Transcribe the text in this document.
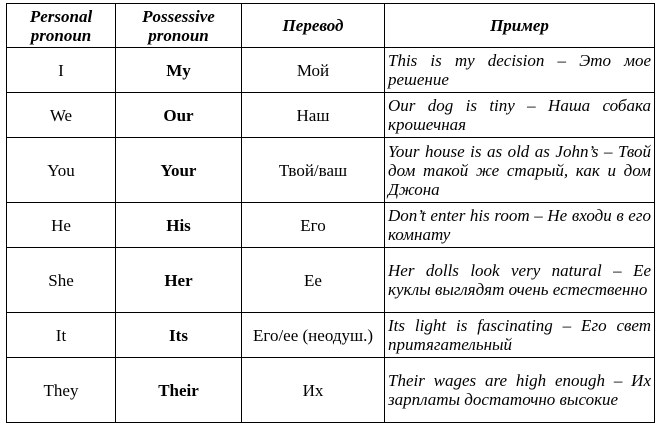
Personal pronoun	Possessive pronoun	Перевод	Пример
I	My	Мой	This is my decision – Это мое решение
We	Our	Наш	Our dog is tiny – Наша собака крошечная
You	Your	Твой/ваш	Your house is as old as John’s – Твой дом такой же старый, как и дом Джона
He	His	Его	Don’t enter his room – Не входи в его комнату
She	Her	Ее	Her dolls look very natural – Ее куклы выглядят очень естественно
It	Its	Его/ее (неодуш.)	Its light is fascinating – Его свет притягательный
They	Their	Их	Their wages are high enough – Их зарплаты достаточно высокие
